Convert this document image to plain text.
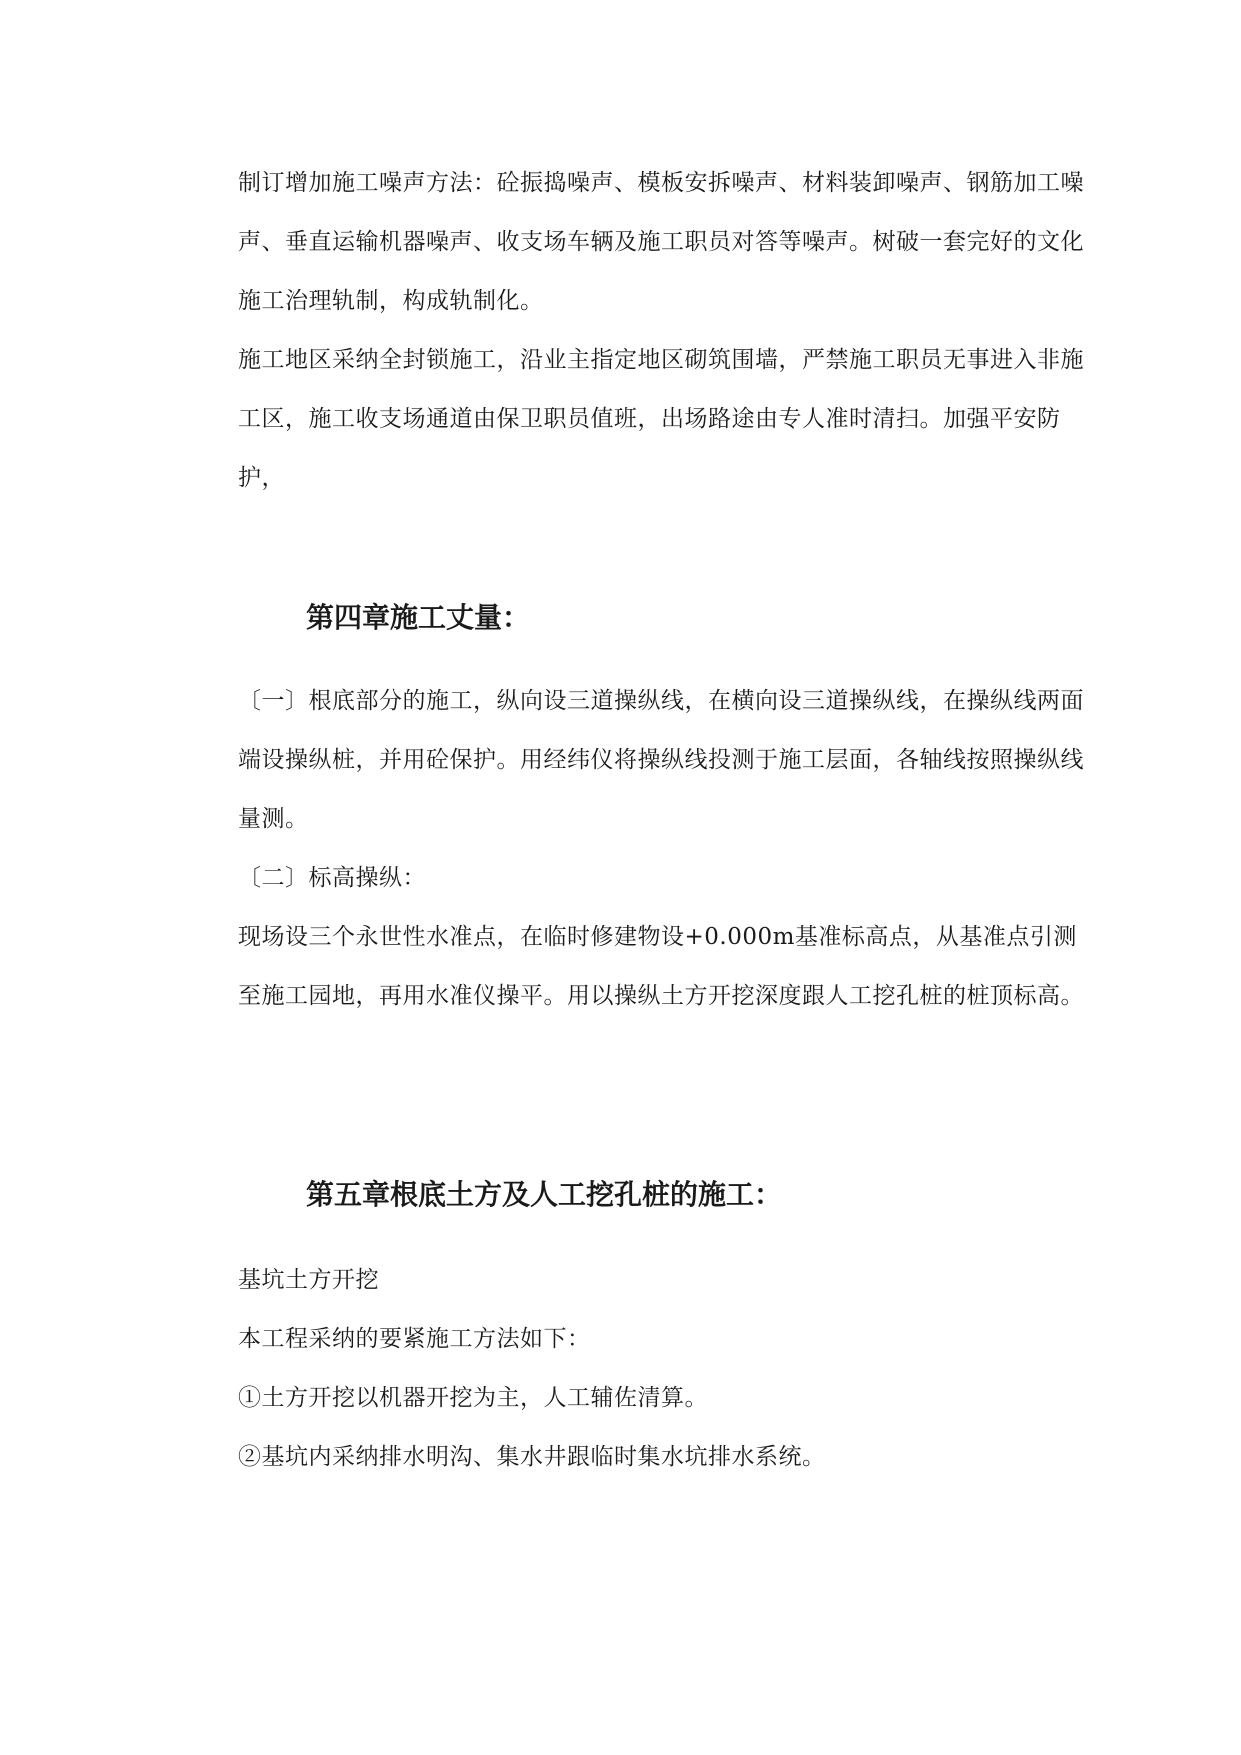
制订增加施工噪声方法：砼振捣噪声、模板安拆噪声、材料装卸噪声、钢筋加工噪声、垂直运输机器噪声、收支场车辆及施工职员对答等噪声。树破一套完好的文化施工治理轨制，构成轨制化。

施工地区采纳全封锁施工，沿业主指定地区砌筑围墙，严禁施工职员无事进入非施工区，施工收支场通道由保卫职员值班，出场路途由专人准时清扫。加强平安防护，

第四章施工丈量：

〔一〕根底部分的施工，纵向设三道操纵线，在横向设三道操纵线，在操纵线两面端设操纵桩，并用砼保护。用经纬仪将操纵线投测于施工层面，各轴线按照操纵线量测。

〔二〕标高操纵：

现场设三个永世性水准点，在临时修建物设+0.000m基准标高点，从基准点引测至施工园地，再用水准仪操平。用以操纵土方开挖深度跟人工挖孔桩的桩顶标高。

第五章根底土方及人工挖孔桩的施工：

基坑土方开挖

本工程采纳的要紧施工方法如下：

①土方开挖以机器开挖为主，人工辅佐清算。

②基坑内采纳排水明沟、集水井跟临时集水坑排水系统。
